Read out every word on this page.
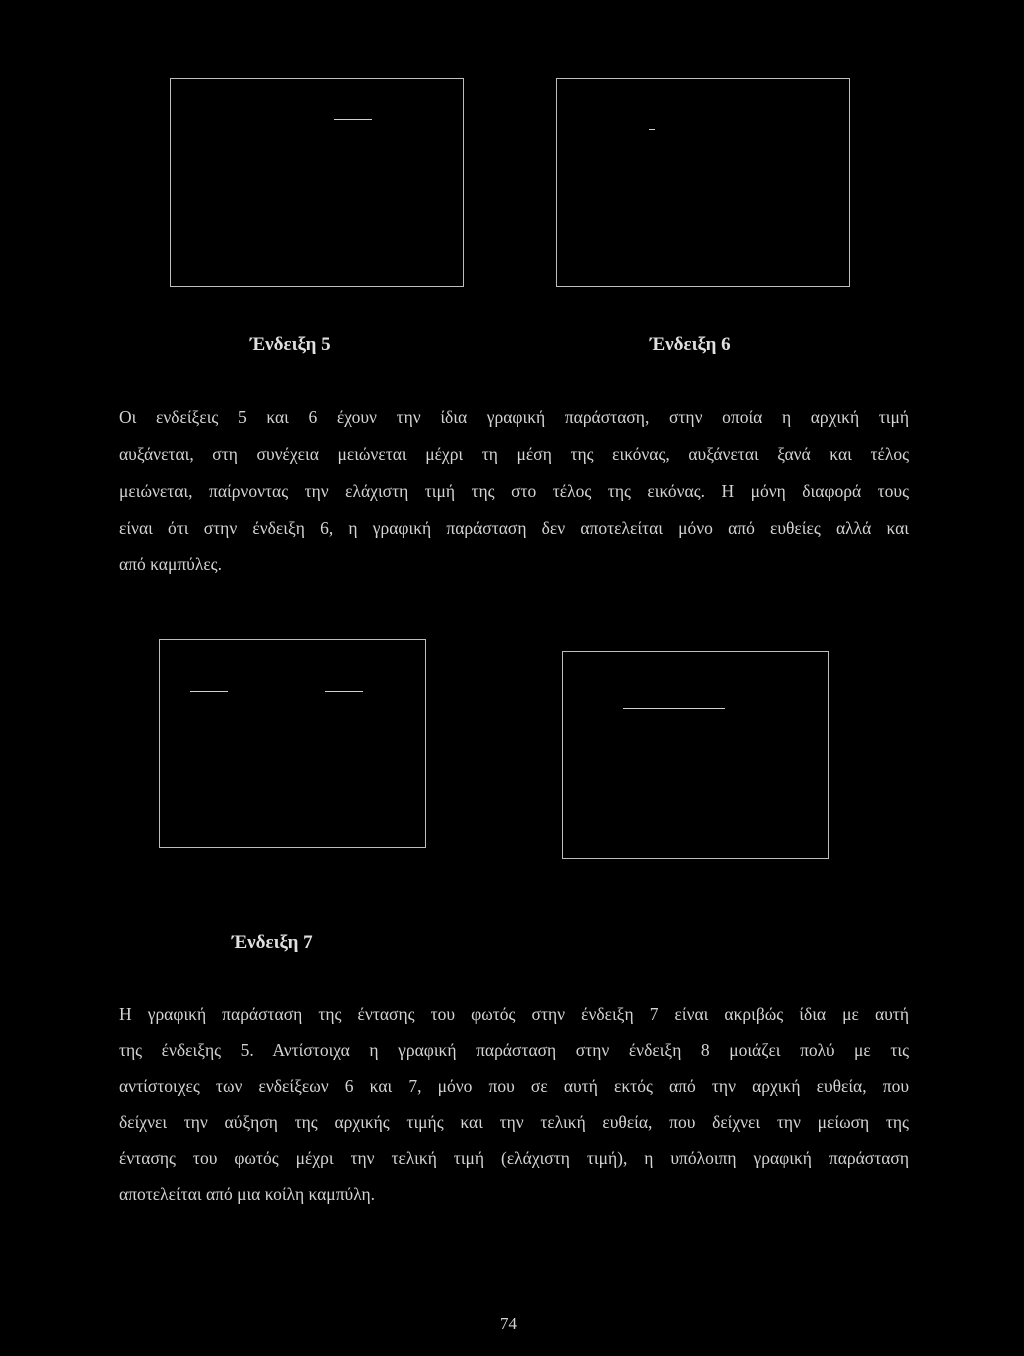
Ένδειξη 5	Ένδειξη 6
Οι ενδείξεις 5 και 6 έχουν την ίδια γραφική παράσταση, στην οποία η αρχική τιμή
αυξάνεται, στη συνέχεια μειώνεται μέχρι τη μέση της εικόνας, αυξάνεται ξανά και τέλος
μειώνεται, παίρνοντας την ελάχιστη τιμή της στο τέλος της εικόνας. Η μόνη διαφορά τους
είναι ότι στην ένδειξη 6, η γραφική παράσταση δεν αποτελείται μόνο από ευθείες αλλά και
από καμπύλες.
Ένδειξη 7
Η γραφική παράσταση της έντασης του φωτός στην ένδειξη 7 είναι ακριβώς ίδια με αυτή
της ένδειξης 5. Αντίστοιχα η γραφική παράσταση στην ένδειξη 8 μοιάζει πολύ με τις
αντίστοιχες των ενδείξεων 6 και 7, μόνο που σε αυτή εκτός από την αρχική ευθεία, που
δείχνει την αύξηση της αρχικής τιμής και την τελική ευθεία, που δείχνει την μείωση της
έντασης του φωτός μέχρι την τελική τιμή (ελάχιστη τιμή), η υπόλοιπη γραφική παράσταση
αποτελείται από μια κοίλη καμπύλη.
74
